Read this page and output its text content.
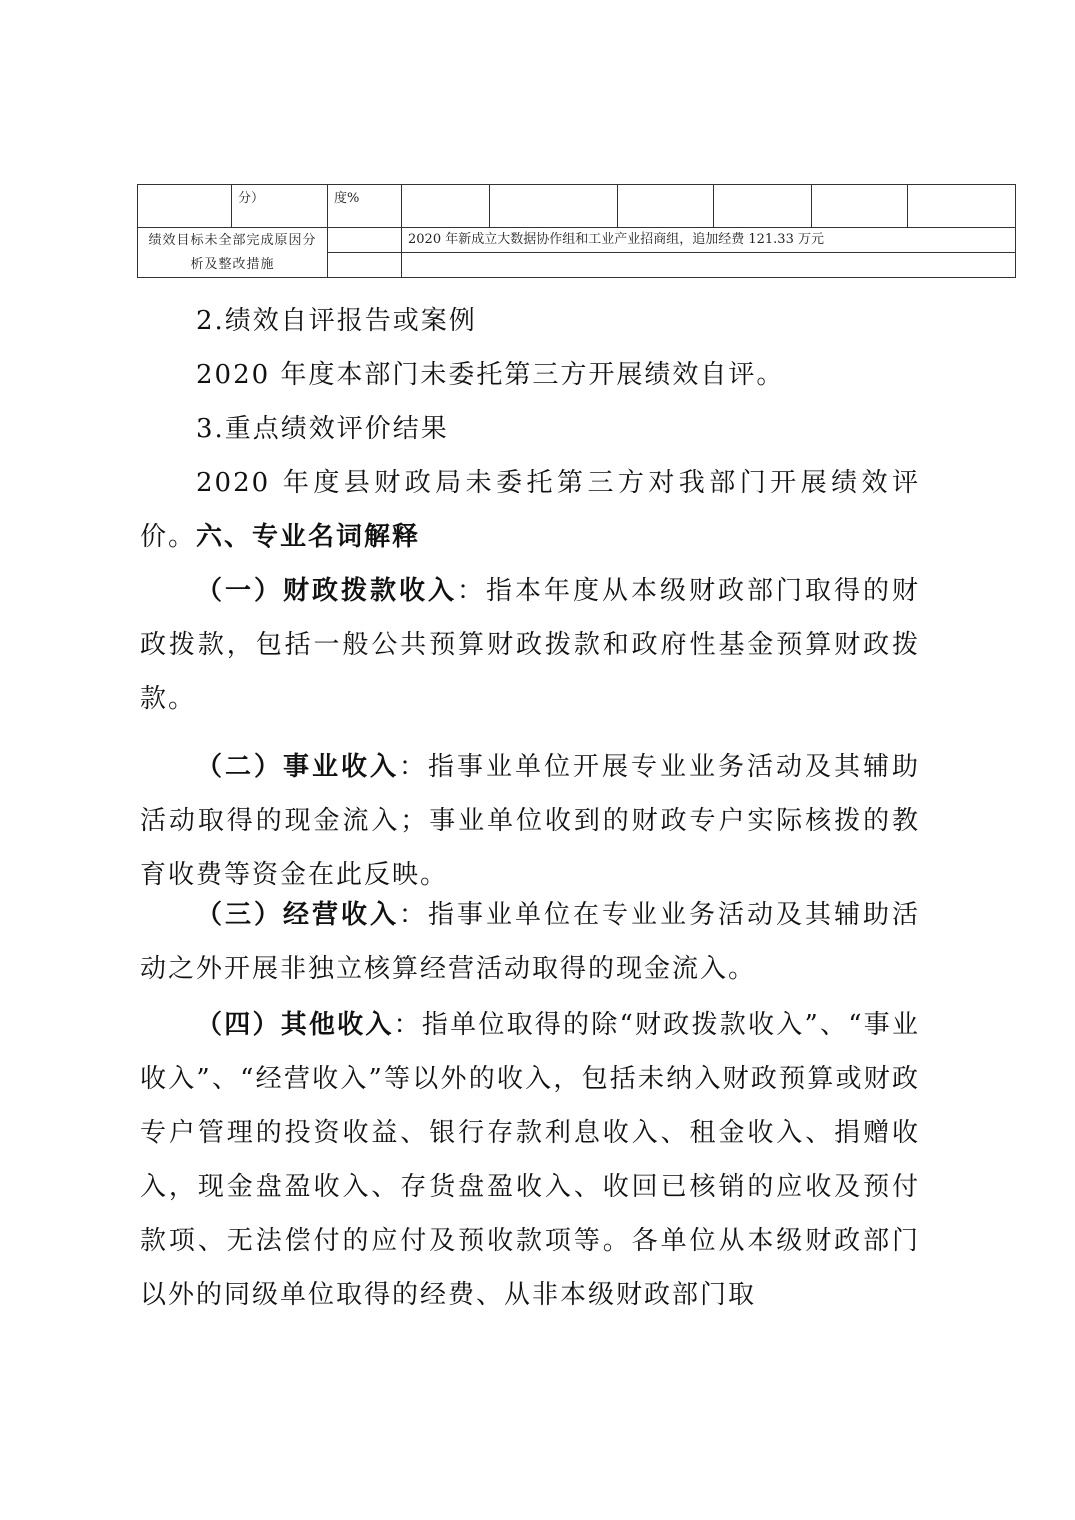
	分）	度%						
绩效目标未全部完成原因分析及整改措施			2020 年新成立大数据协作组和工业产业招商组，追加经费 121.33 万元					

2.绩效自评报告或案例

2020 年度本部门未委托第三方开展绩效自评。

3.重点绩效评价结果

2020 年度县财政局未委托第三方对我部门开展绩效评价。 六、专业名词解释

（一）财政拨款收入：指本年度从本级财政部门取得的财政拨款，包括一般公共预算财政拨款和政府性基金预算财政拨款。

（二）事业收入：指事业单位开展专业业务活动及其辅助活动取得的现金流入；事业单位收到的财政专户实际核拨的教育收费等资金在此反映。

（三）经营收入：指事业单位在专业业务活动及其辅助活动之外开展非独立核算经营活动取得的现金流入。

（四）其他收入：指单位取得的除“财政拨款收入”、“事业收入”、“经营收入”等以外的收入，包括未纳入财政预算或财政专户管理的投资收益、银行存款利息收入、租金收入、捐赠收入，现金盘盈收入、存货盘盈收入、收回已核销的应收及预付款项、无法偿付的应付及预收款项等。各单位从本级财政部门以外的同级单位取得的经费、从非本级财政部门取
